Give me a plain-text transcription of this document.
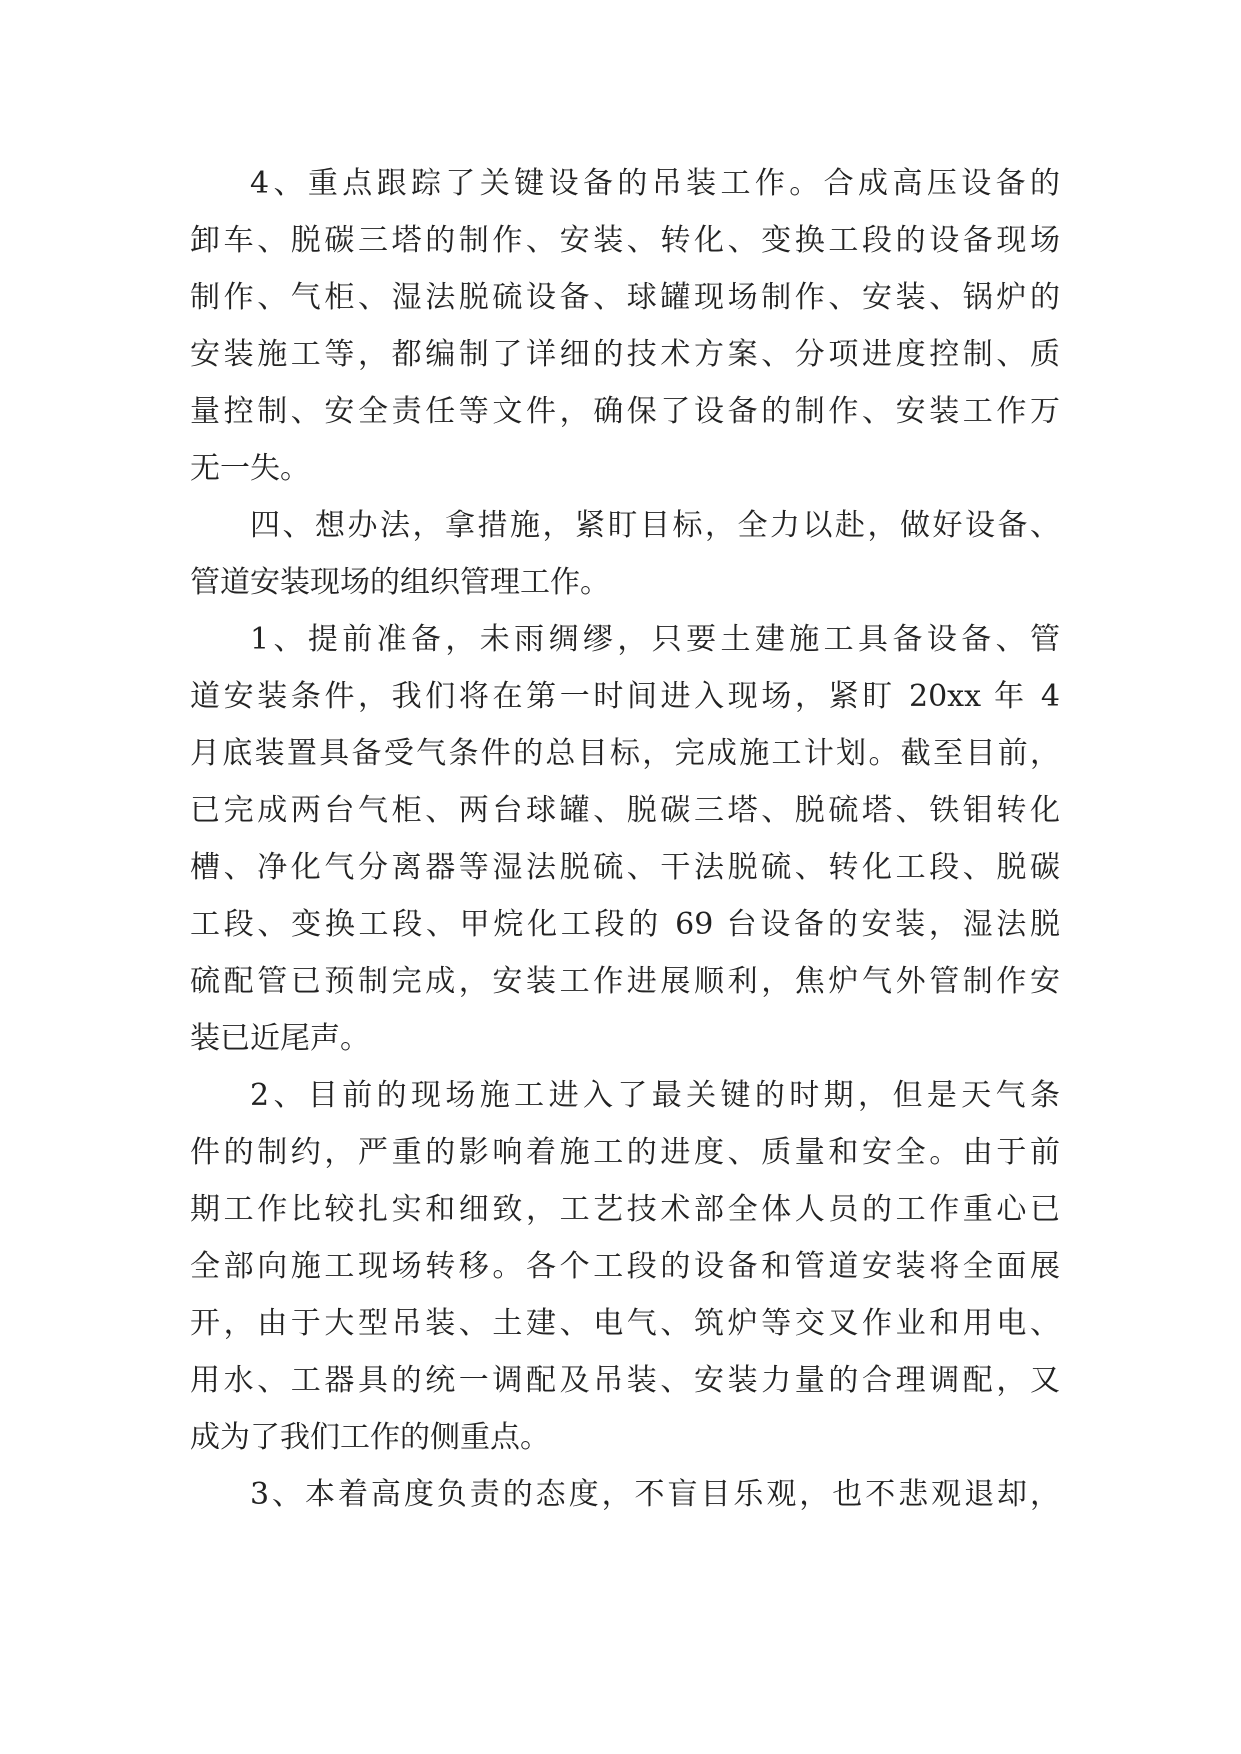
4、重点跟踪了关键设备的吊装工作。合成高压设备的
卸车、脱碳三塔的制作、安装、转化、变换工段的设备现场
制作、气柜、湿法脱硫设备、球罐现场制作、安装、锅炉的
安装施工等，都编制了详细的技术方案、分项进度控制、质
量控制、安全责任等文件，确保了设备的制作、安装工作万
无一失。
四、想办法，拿措施，紧盯目标，全力以赴，做好设备、
管道安装现场的组织管理工作。
1、提前准备，未雨绸缪，只要土建施工具备设备、管
道安装条件，我们将在第一时间进入现场，紧盯 20xx 年 4
月底装置具备受气条件的总目标，完成施工计划。截至目前，
已完成两台气柜、两台球罐、脱碳三塔、脱硫塔、铁钼转化
槽、净化气分离器等湿法脱硫、干法脱硫、转化工段、脱碳
工段、变换工段、甲烷化工段的 69 台设备的安装，湿法脱
硫配管已预制完成，安装工作进展顺利，焦炉气外管制作安
装已近尾声。
2、目前的现场施工进入了最关键的时期，但是天气条
件的制约，严重的影响着施工的进度、质量和安全。由于前
期工作比较扎实和细致，工艺技术部全体人员的工作重心已
全部向施工现场转移。各个工段的设备和管道安装将全面展
开，由于大型吊装、土建、电气、筑炉等交叉作业和用电、
用水、工器具的统一调配及吊装、安装力量的合理调配，又
成为了我们工作的侧重点。
3、本着高度负责的态度，不盲目乐观，也不悲观退却，
